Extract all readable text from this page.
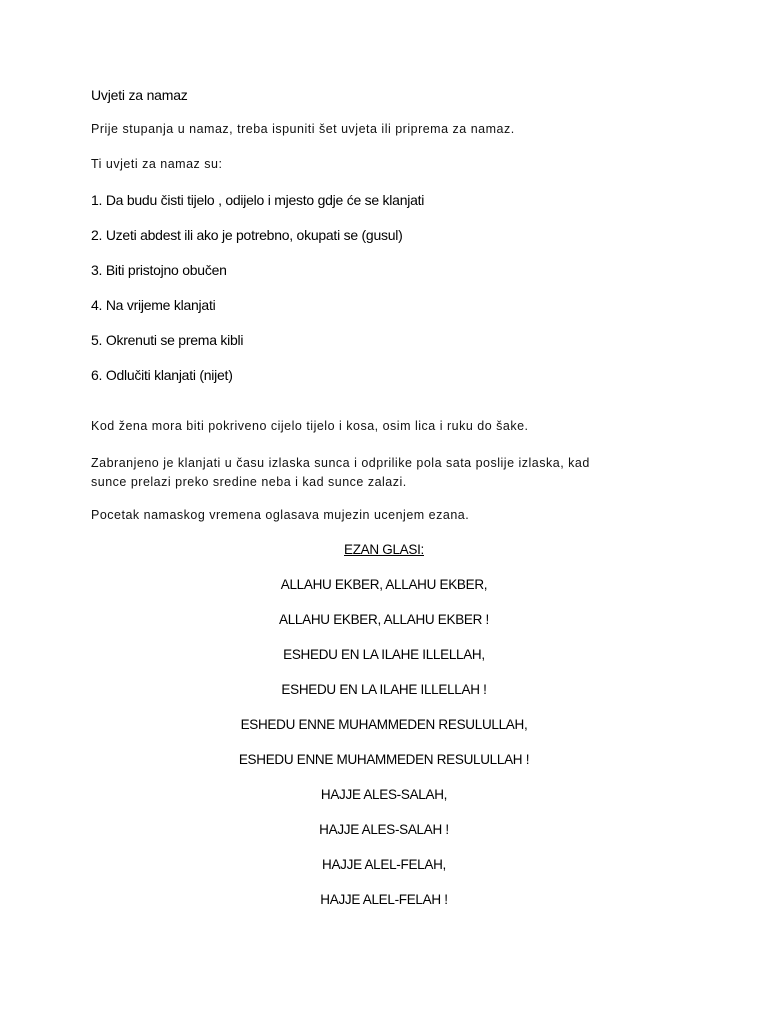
Uvjeti za namaz
Prije stupanja u namaz, treba ispuniti šet uvjeta ili priprema za namaz.
Ti uvjeti za namaz su:
1. Da budu čisti tijelo , odijelo i mjesto gdje će se klanjati
2. Uzeti abdest ili ako je potrebno, okupati se (gusul)
3. Biti pristojno obučen
4. Na vrijeme klanjati
5. Okrenuti se prema kibli
6. Odlučiti klanjati (nijet)
Kod žena mora biti pokriveno cijelo tijelo i kosa, osim lica i ruku do šake.
Zabranjeno je klanjati u času izlaska sunca i odprilike pola sata poslije izlaska, kad sunce prelazi preko sredine neba i kad sunce zalazi.
Pocetak namaskog vremena oglasava mujezin ucenjem ezana.
EZAN GLASI:
ALLAHU EKBER, ALLAHU EKBER,
ALLAHU EKBER, ALLAHU EKBER !
ESHEDU EN LA ILAHE ILLELLAH,
ESHEDU EN LA ILAHE ILLELLAH !
ESHEDU ENNE MUHAMMEDEN RESULULLAH,
ESHEDU ENNE MUHAMMEDEN RESULULLAH !
HAJJE ALES-SALAH,
HAJJE ALES-SALAH !
HAJJE ALEL-FELAH,
HAJJE ALEL-FELAH !
